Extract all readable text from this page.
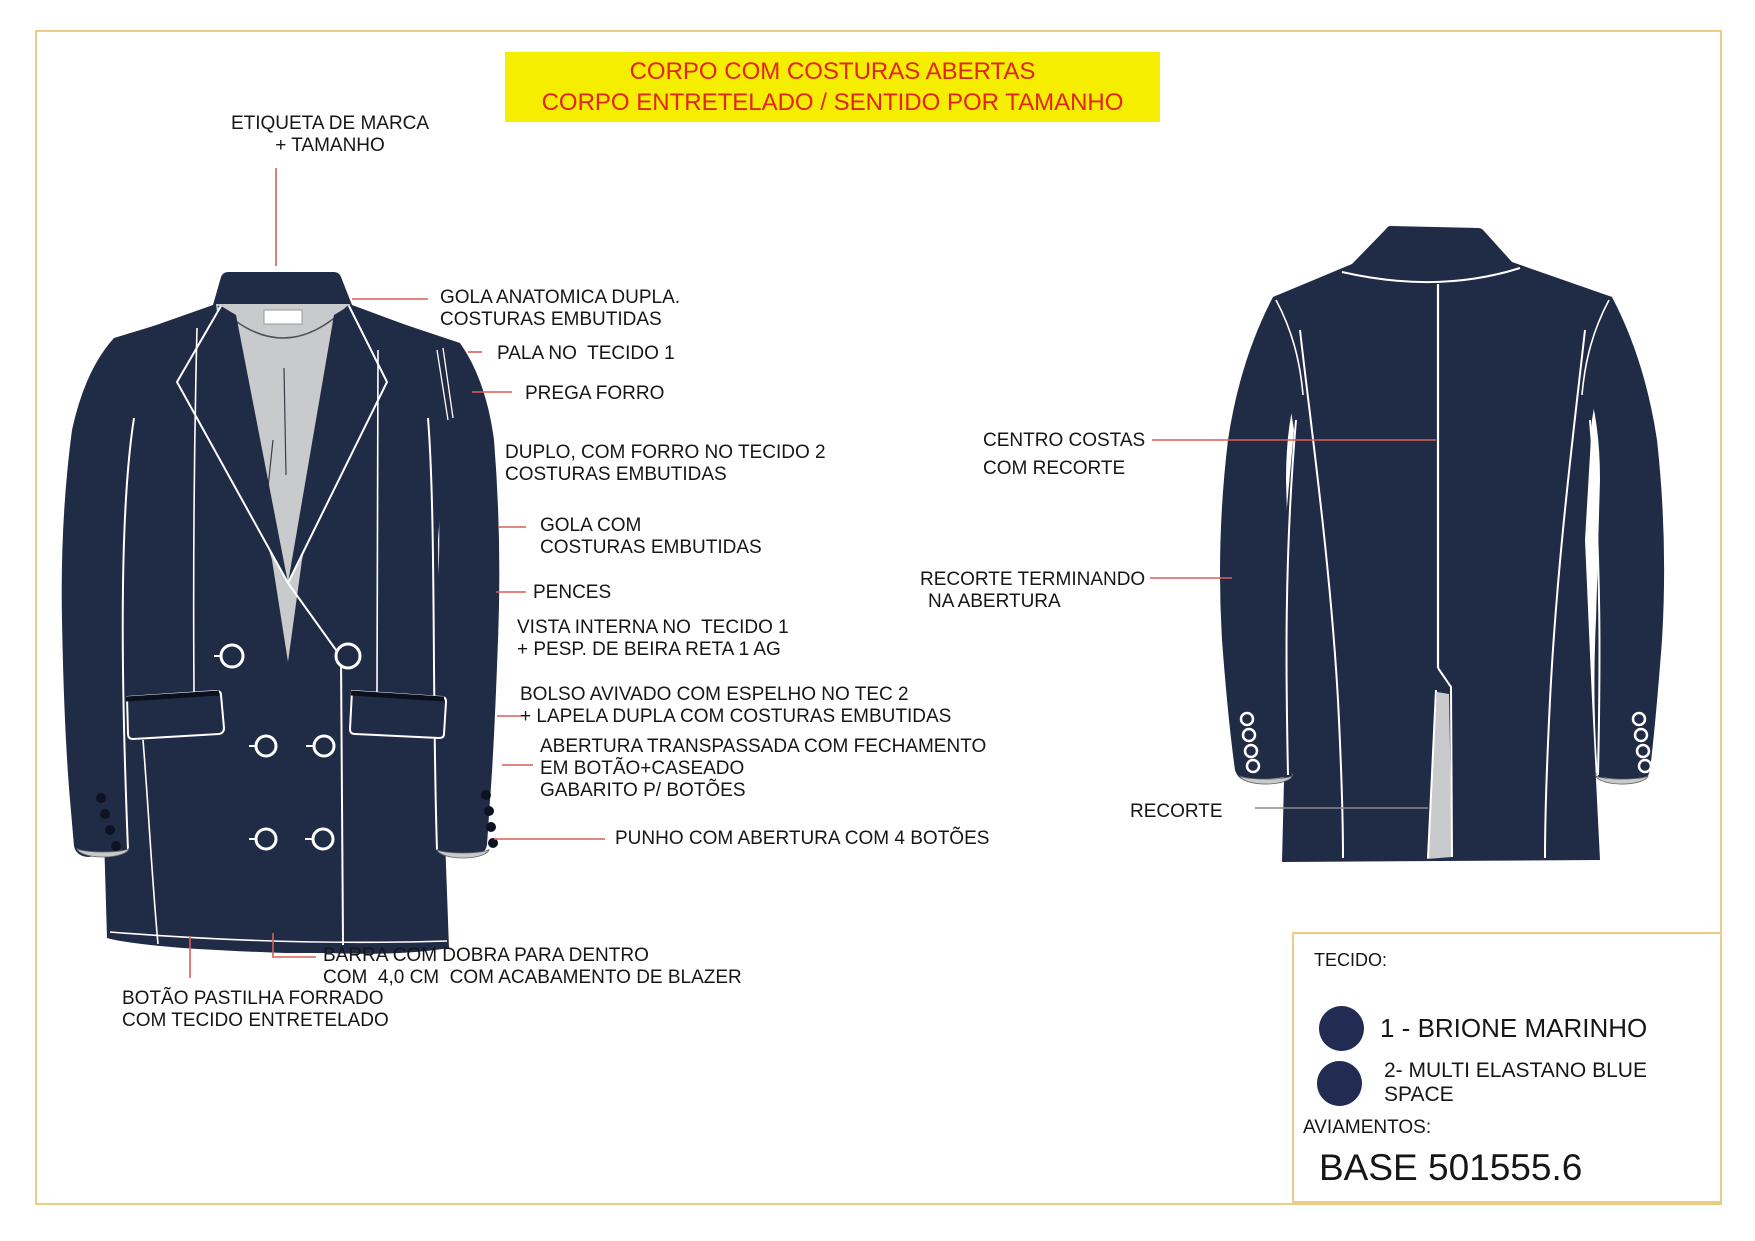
CORPO COM COSTURAS ABERTAS
CORPO ENTRETELADO / SENTIDO POR TAMANHO
ETIQUETA DE MARCA
+ TAMANHO
GOLA ANATOMICA DUPLA.
COSTURAS EMBUTIDAS
PALA NO  TECIDO 1
PREGA FORRO
DUPLO, COM FORRO NO TECIDO 2
COSTURAS EMBUTIDAS
GOLA COM
COSTURAS EMBUTIDAS
PENCES
VISTA INTERNA NO  TECIDO 1
+ PESP. DE BEIRA RETA 1 AG
BOLSO AVIVADO COM ESPELHO NO TEC 2
+ LAPELA DUPLA COM COSTURAS EMBUTIDAS
ABERTURA TRANSPASSADA COM FECHAMENTO
EM BOTÃO+CASEADO
GABARITO P/ BOTÕES
PUNHO COM ABERTURA COM 4 BOTÕES
BARRA COM DOBRA PARA DENTRO
COM  4,0 CM  COM ACABAMENTO DE BLAZER
BOTÃO PASTILHA FORRADO
COM TECIDO ENTRETELADO
CENTRO COSTAS
COM RECORTE
RECORTE TERMINANDO
NA ABERTURA
RECORTE
TECIDO:
1 - BRIONE MARINHO
2- MULTI ELASTANO BLUE SPACE
AVIAMENTOS:
BASE 501555.6
